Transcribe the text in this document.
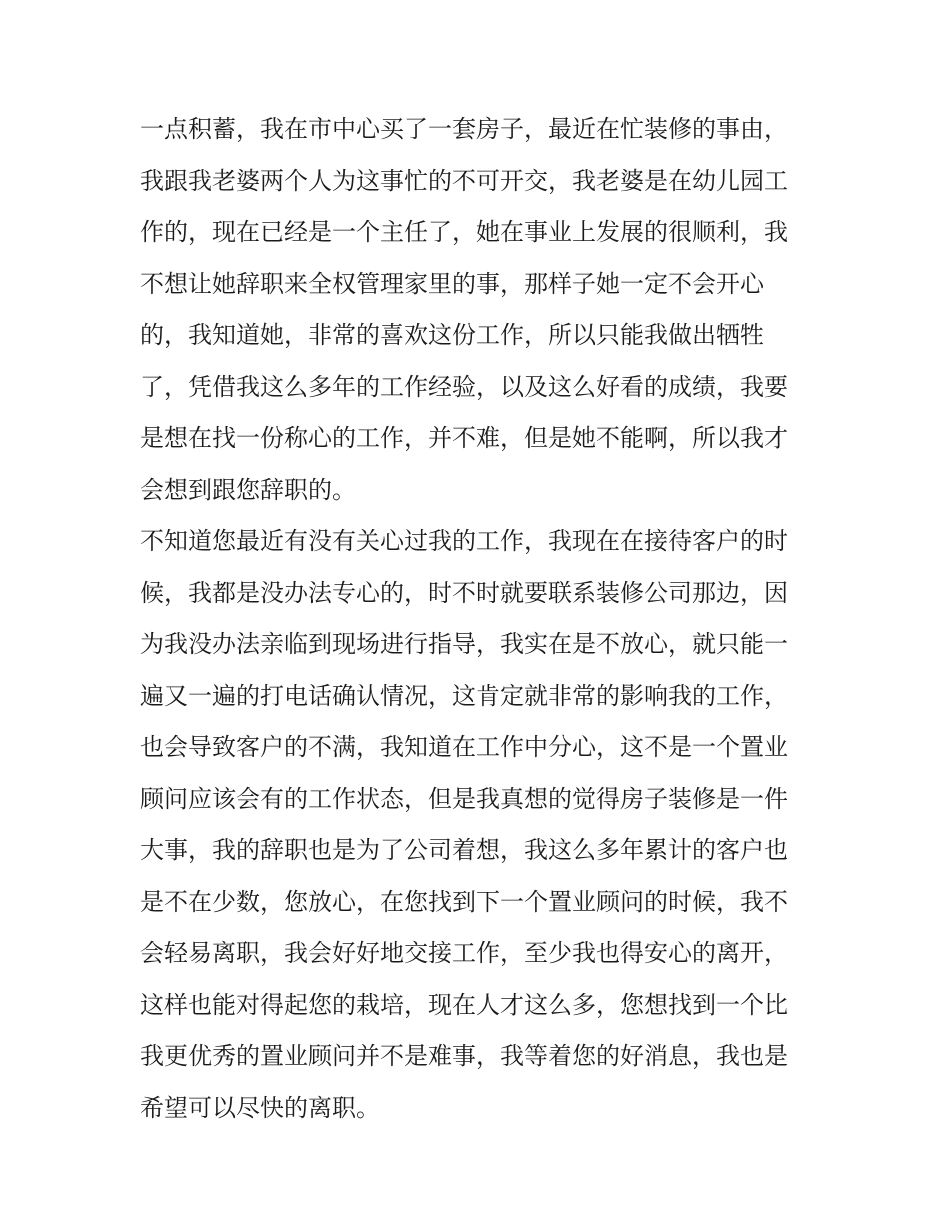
一点积蓄，我在市中心买了一套房子，最近在忙装修的事由，
我跟我老婆两个人为这事忙的不可开交，我老婆是在幼儿园工
作的，现在已经是一个主任了，她在事业上发展的很顺利，我
不想让她辞职来全权管理家里的事，那样子她一定不会开心
的，我知道她，非常的喜欢这份工作，所以只能我做出牺牲
了，凭借我这么多年的工作经验，以及这么好看的成绩，我要
是想在找一份称心的工作，并不难，但是她不能啊，所以我才
会想到跟您辞职的。
不知道您最近有没有关心过我的工作，我现在在接待客户的时
候，我都是没办法专心的，时不时就要联系装修公司那边，因
为我没办法亲临到现场进行指导，我实在是不放心，就只能一
遍又一遍的打电话确认情况，这肯定就非常的影响我的工作，
也会导致客户的不满，我知道在工作中分心，这不是一个置业
顾问应该会有的工作状态，但是我真想的觉得房子装修是一件
大事，我的辞职也是为了公司着想，我这么多年累计的客户也
是不在少数，您放心，在您找到下一个置业顾问的时候，我不
会轻易离职，我会好好地交接工作，至少我也得安心的离开，
这样也能对得起您的栽培，现在人才这么多，您想找到一个比
我更优秀的置业顾问并不是难事，我等着您的好消息，我也是
希望可以尽快的离职。
